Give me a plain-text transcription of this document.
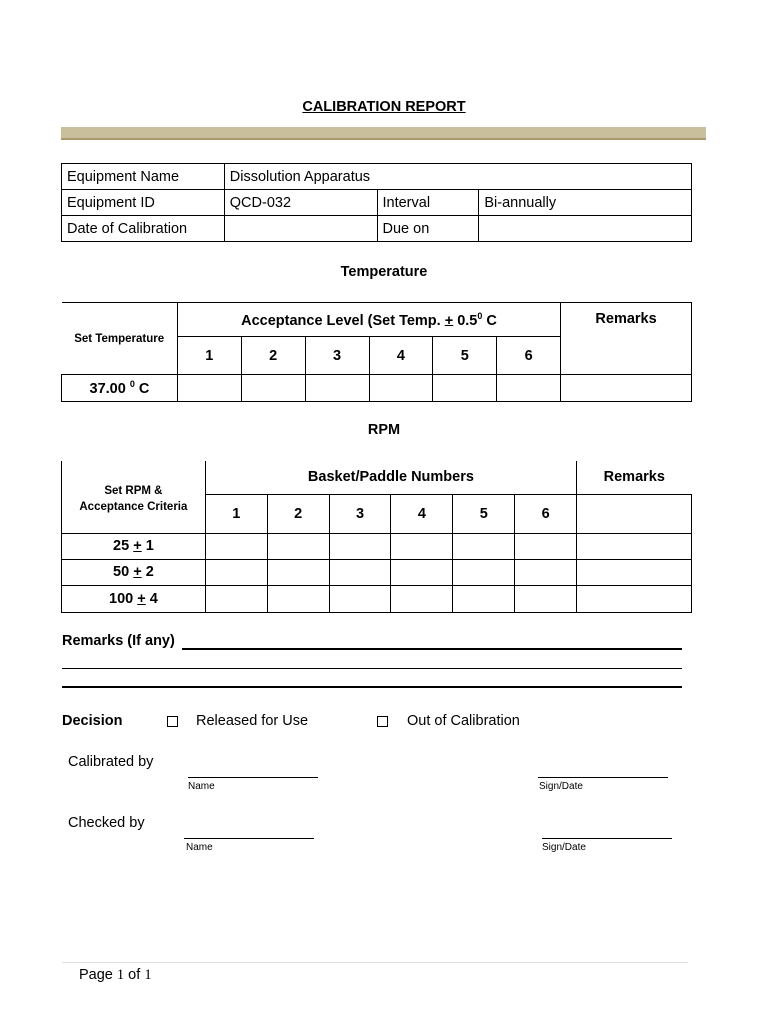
CALIBRATION REPORT
Equipment Name	Dissolution Apparatus		
Equipment ID	QCD-032	Interval	Bi-annually
Date of Calibration		Due on	
Temperature
Set Temperature	Acceptance Level (Set Temp. + $0.5^0$ C						Remarks
	1	2	3	4	5	6	
37.00 $^0$ C							
RPM
Set RPM &
Acceptance Criteria	Basket/Paddle Numbers						Remarks
	1	2	3	4	5	6	
25 + 1							
50 + 2							
100 + 4							
Remarks (If any)
Decision	Released for Use	Out of Calibration
Calibrated by
Name	Sign/Date
Checked by
Name	Sign/Date
Page 1 of 1
